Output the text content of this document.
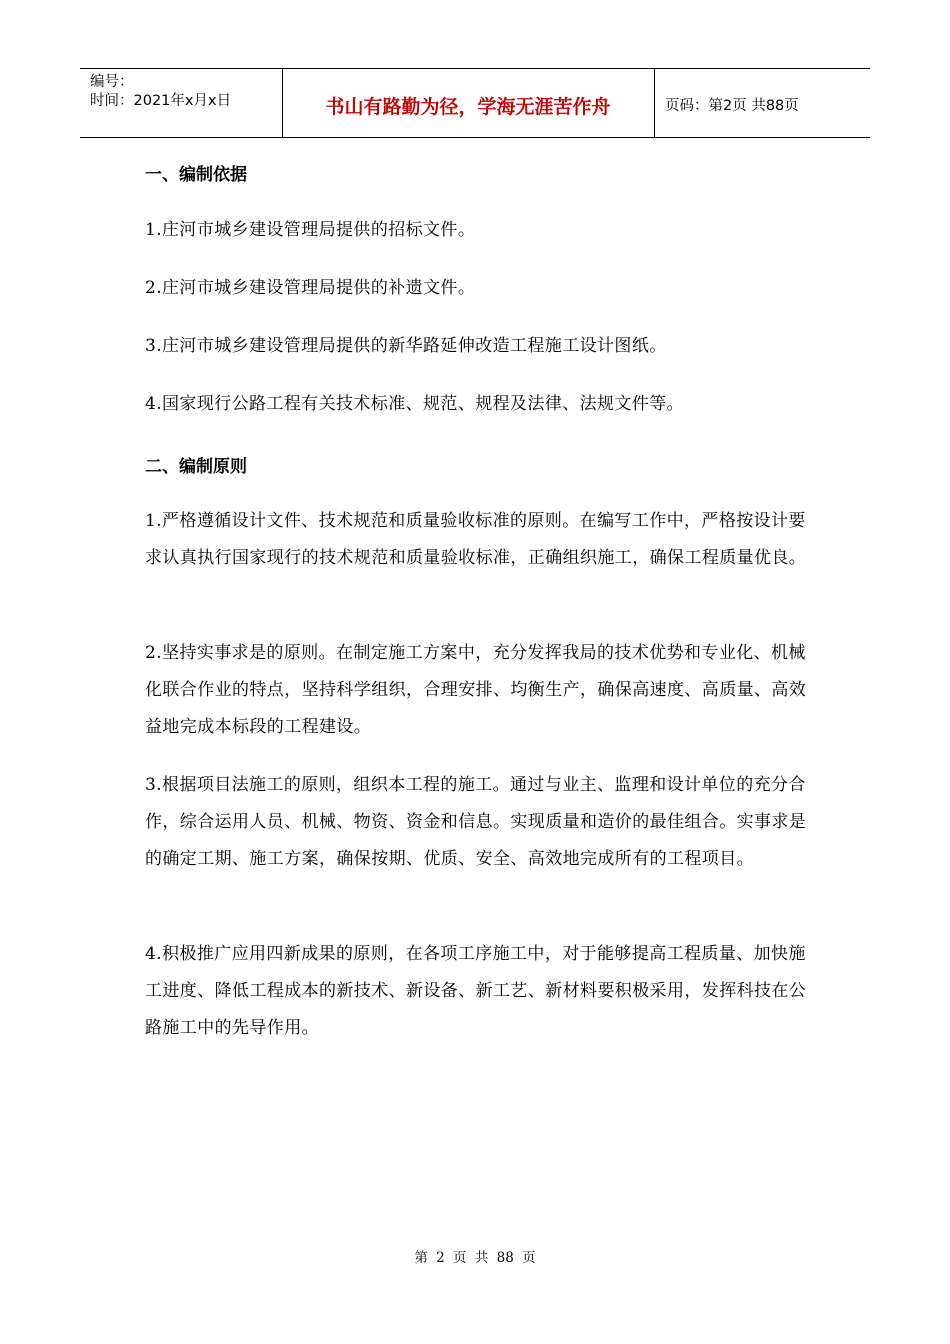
编号：
时间：2021年x月x日	书山有路勤为径，学海无涯苦作舟	页码：第2页 共88页
一、编制依据
1.庄河市城乡建设管理局提供的招标文件。
2.庄河市城乡建设管理局提供的补遗文件。
3.庄河市城乡建设管理局提供的新华路延伸改造工程施工设计图纸。
4.国家现行公路工程有关技术标准、规范、规程及法律、法规文件等。
二、编制原则
1.严格遵循设计文件、技术规范和质量验收标准的原则。在编写工作中，严格按设计要求认真执行国家现行的技术规范和质量验收标准，正确组织施工，确保工程质量优良。
2.坚持实事求是的原则。在制定施工方案中，充分发挥我局的技术优势和专业化、机械化联合作业的特点，坚持科学组织，合理安排、均衡生产，确保高速度、高质量、高效益地完成本标段的工程建设。
3.根据项目法施工的原则，组织本工程的施工。通过与业主、监理和设计单位的充分合作，综合运用人员、机械、物资、资金和信息。实现质量和造价的最佳组合。实事求是的确定工期、施工方案，确保按期、优质、安全、高效地完成所有的工程项目。
4.积极推广应用四新成果的原则，在各项工序施工中，对于能够提高工程质量、加快施工进度、降低工程成本的新技术、新设备、新工艺、新材料要积极采用，发挥科技在公路施工中的先导作用。
第 2 页 共 88 页
